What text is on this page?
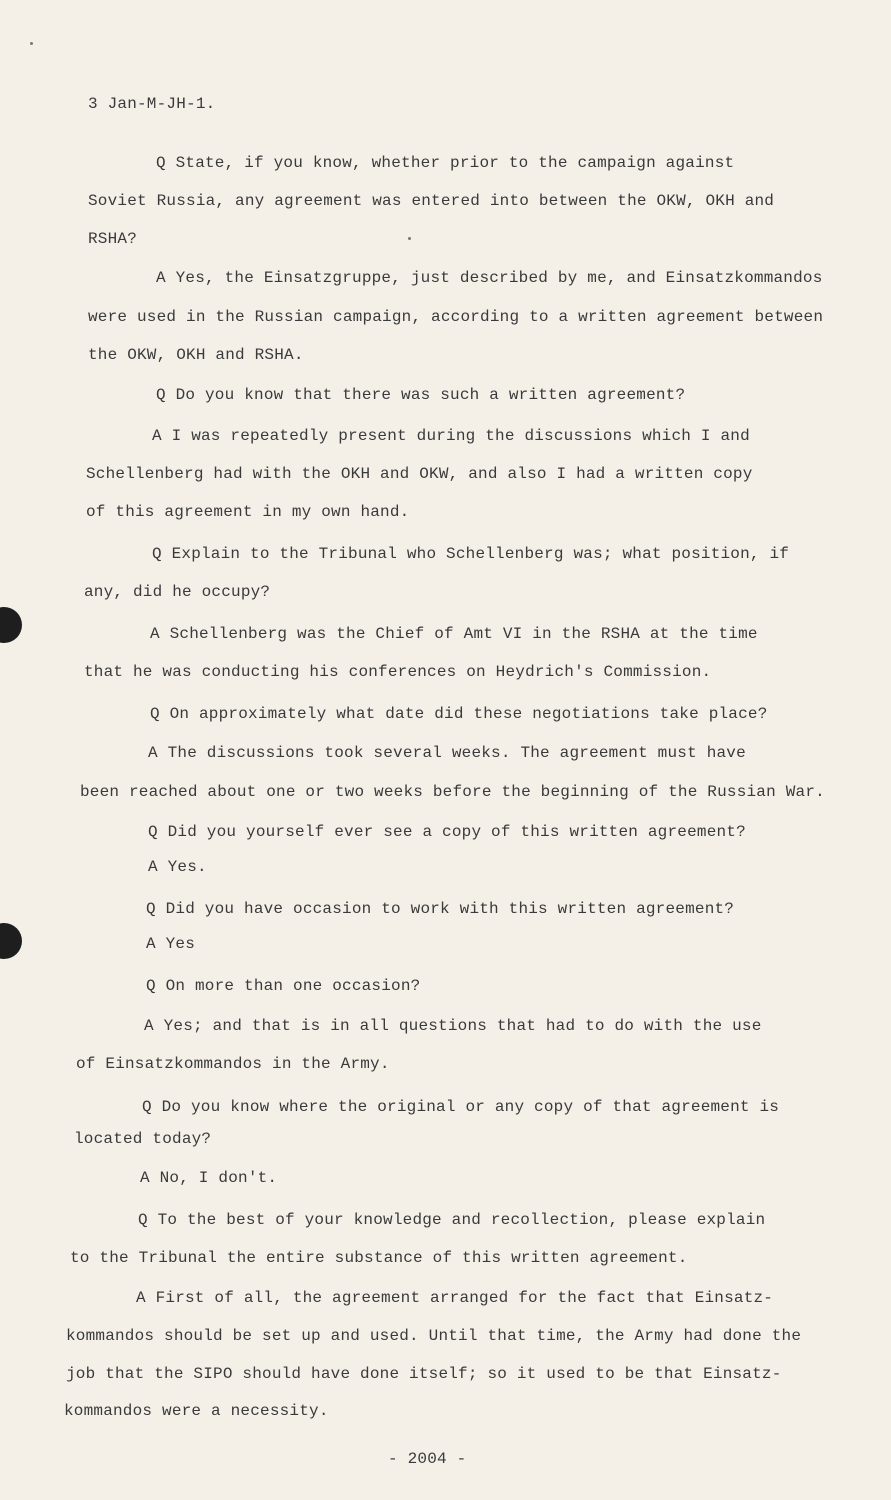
3 Jan-M-JH-1.
Q State, if you know, whether prior to the campaign against
Soviet Russia, any agreement was entered into between the OKW, OKH and
RSHA?
A Yes, the Einsatzgruppe, just described by me, and Einsatzkommandos
were used in the Russian campaign, according to a written agreement between
the OKW, OKH and RSHA.
Q Do you know that there was such a written agreement?
A I was repeatedly present during the discussions which I and
Schellenberg had with the OKH and OKW, and also I had a written copy
of this agreement in my own hand.
Q Explain to the Tribunal who Schellenberg was; what position, if
any, did he occupy?
A Schellenberg was the Chief of Amt VI in the RSHA at the time
that he was conducting his conferences on Heydrich's Commission.
Q On approximately what date did these negotiations take place?
A The discussions took several weeks. The agreement must have
been reached about one or two weeks before the beginning of the Russian War.
Q Did you yourself ever see a copy of this written agreement?
A Yes.
Q Did you have occasion to work with this written agreement?
A Yes
Q On more than one occasion?
A Yes; and that is in all questions that had to do with the use
of Einsatzkommandos in the Army.
Q Do you know where the original or any copy of that agreement is
located today?
A No, I don't.
Q To the best of your knowledge and recollection, please explain
to the Tribunal the entire substance of this written agreement.
A First of all, the agreement arranged for the fact that Einsatz-
kommandos should be set up and used. Until that time, the Army had done the
job that the SIPO should have done itself; so it used to be that Einsatz-
kommandos were a necessity.
- 2004 -
